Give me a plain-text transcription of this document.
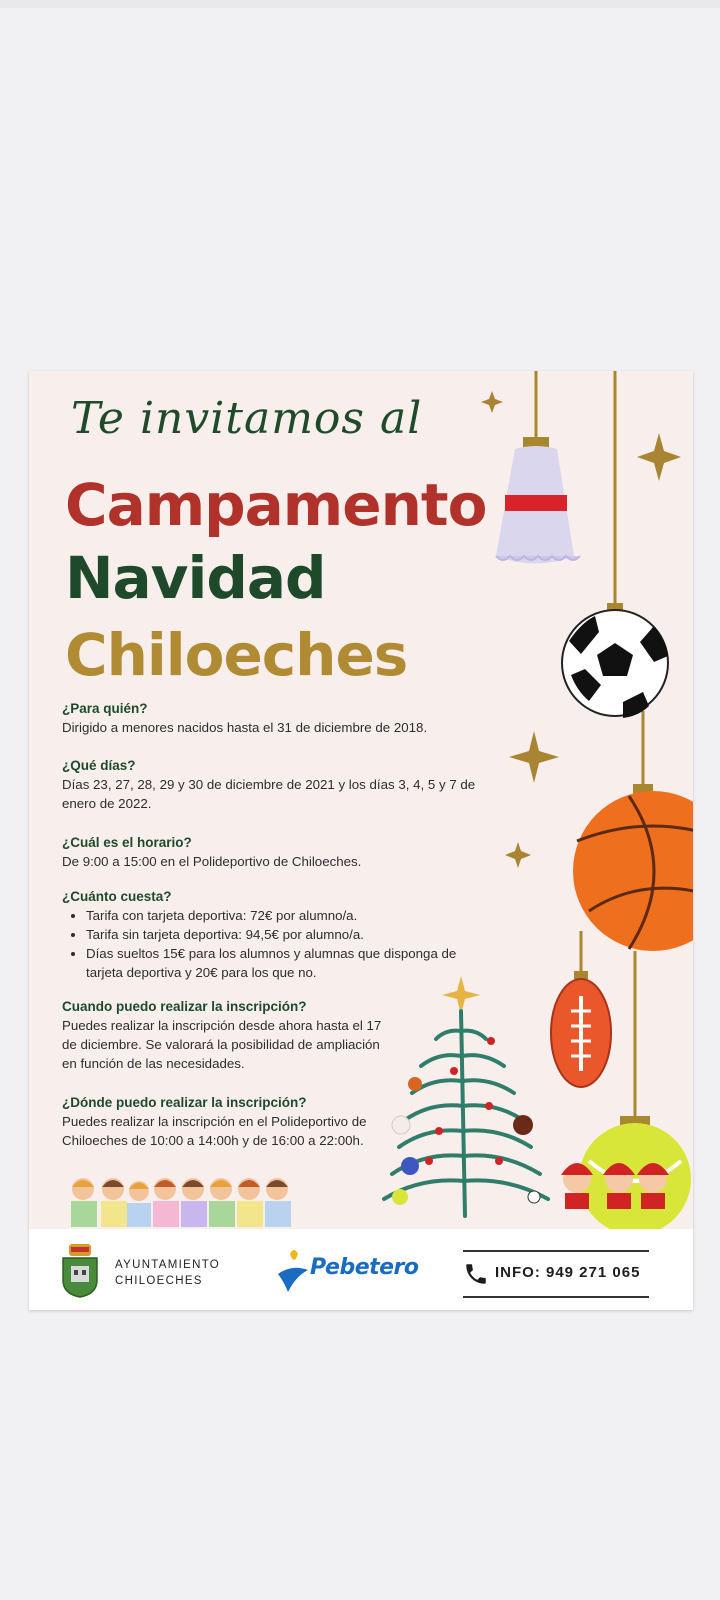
Te invitamos al
Campamento
Navidad
Chiloeches
¿Para quién?

Dirigido a menores nacidos hasta el 31 de diciembre de 2018.

¿Qué días?

Días 23, 27, 28, 29 y 30 de diciembre de 2021 y los días 3, 4, 5 y 7 de enero de 2022.

¿Cuál es el horario?

De 9:00 a 15:00 en el Polideportivo de Chiloeches.

¿Cuánto cuesta?
• Tarifa con tarjeta deportiva: 72€ por alumno/a.
• Tarifa sin tarjeta deportiva: 94,5€ por alumno/a.
• Días sueltos 15€ para los alumnos y alumnas que disponga de tarjeta deportiva y 20€ para los que no.
Cuando puedo realizar la inscripción?

Puedes realizar la inscripción desde ahora hasta el 17 de diciembre. Se valorará la posibilidad de ampliación en función de las necesidades.

¿Dónde puedo realizar la inscripción?

Puedes realizar la inscripción en el Polideportivo de Chiloeches de 10:00 a 14:00h y de 16:00 a 22:00h.

AYUNTAMIENTO
CHILOECHES
Pebetero	INFO: 949 271 065
